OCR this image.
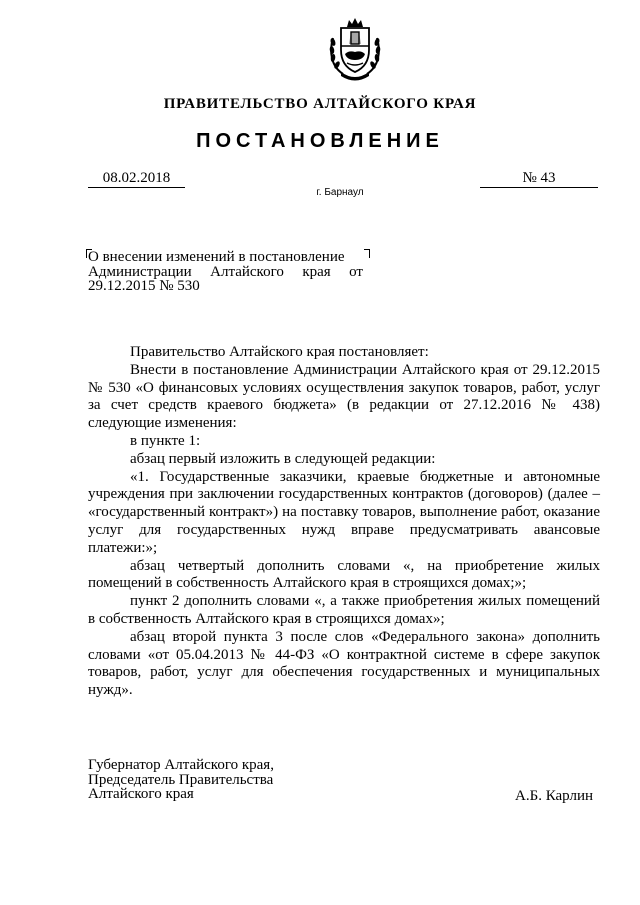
ПРАВИТЕЛЬСТВО АЛТАЙСКОГО КРАЯ
ПОСТАНОВЛЕНИЕ
08.02.2018	№ 43
г. Барнаул
О внесении изменений в постановление
Администрации Алтайского края от
29.12.2015 № 530

Правительство Алтайского края постановляет:

Внести в постановление Администрации Алтайского края от 29.12.2015 № 530 «О финансовых условиях осуществления закупок товаров, работ, услуг за счет средств краевого бюджета» (в редакции от 27.12.2016 № 438) следующие изменения:

в пункте 1:

абзац первый изложить в следующей редакции:

«1. Государственные заказчики, краевые бюджетные и автономные учреждения при заключении государственных контрактов (договоров) (далее – «государственный контракт») на поставку товаров, выполнение работ, оказание услуг для государственных нужд вправе предусматривать авансовые платежи:»;

абзац четвертый дополнить словами «, на приобретение жилых помещений в собственность Алтайского края в строящихся домах;»;

пункт 2 дополнить словами «, а также приобретения жилых помещений в собственность Алтайского края в строящихся домах»;

абзац второй пункта 3 после слов «Федерального закона» дополнить словами «от 05.04.2013 № 44-ФЗ «О контрактной системе в сфере закупок товаров, работ, услуг для обеспечения государственных и муниципальных нужд».

Губернатор Алтайского края,
Председатель Правительства
Алтайского края	А.Б. Карлин
